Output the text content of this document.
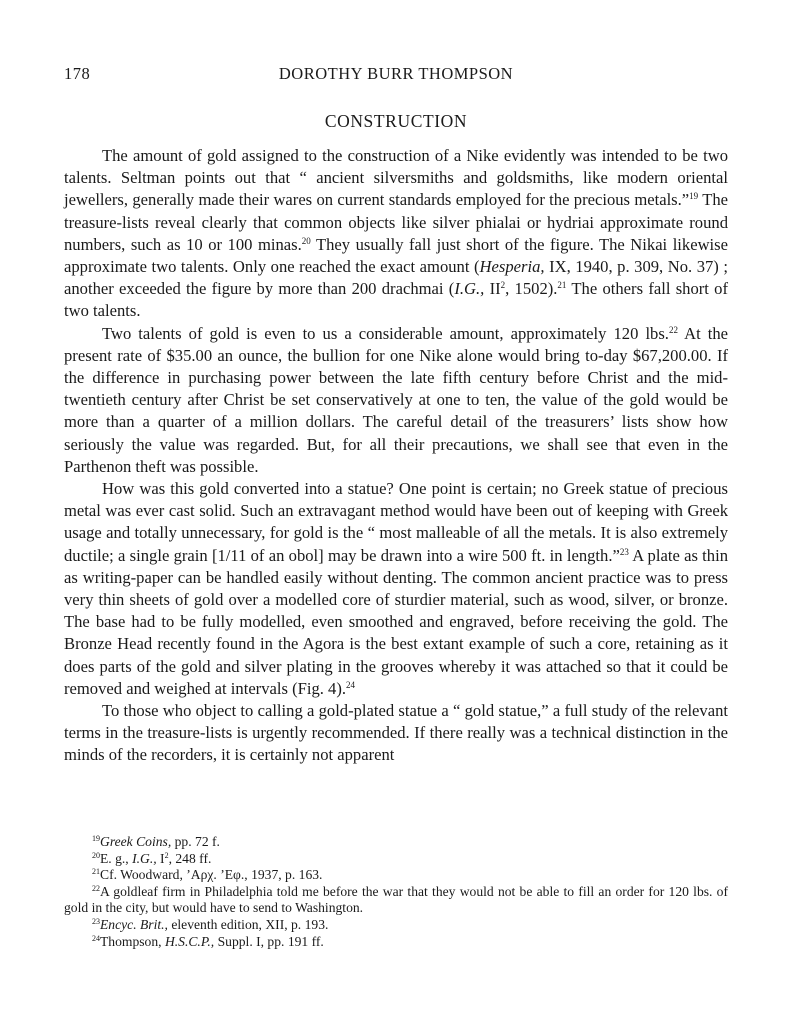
178	DOROTHY BURR THOMPSON
CONSTRUCTION

The amount of gold assigned to the construction of a Nike evidently was intended to be two talents. Seltman points out that “ ancient silversmiths and goldsmiths, like modern oriental jewellers, generally made their wares on current standards employed for the precious metals.”$^{19}$ The treasure-lists reveal clearly that common objects like silver phialai or hydriai approximate round numbers, such as 10 or 100 minas.$^{20}$ They usually fall just short of the figure. The Nikai likewise approximate two talents. Only one reached the exact amount (Hesperia, IX, 1940, p. 309, No. 37) ; another exceeded the figure by more than 200 drachmai (I.G., $II^2$, 1502).$^{21}$ The others fall short of two talents.

Two talents of gold is even to us a considerable amount, approximately 120 lbs.$^{22}$ At the present rate of $35.00 an ounce, the bullion for one Nike alone would bring to-day $67,200.00. If the difference in purchasing power between the late fifth century before Christ and the mid-twentieth century after Christ be set conservatively at one to ten, the value of the gold would be more than a quarter of a million dollars. The careful detail of the treasurers’ lists show how seriously the value was regarded. But, for all their precautions, we shall see that even in the Parthenon theft was possible.

How was this gold converted into a statue? One point is certain; no Greek statue of precious metal was ever cast solid. Such an extravagant method would have been out of keeping with Greek usage and totally unnecessary, for gold is the “ most malleable of all the metals. It is also extremely ductile; a single grain [1/11 of an obol] may be drawn into a wire 500 ft. in length.”$^{23}$ A plate as thin as writing-paper can be handled easily without denting. The common ancient practice was to press very thin sheets of gold over a modelled core of sturdier material, such as wood, silver, or bronze. The base had to be fully modelled, even smoothed and engraved, before receiving the gold. The Bronze Head recently found in the Agora is the best extant example of such a core, retaining as it does parts of the gold and silver plating in the grooves whereby it was attached so that it could be removed and weighed at intervals (Fig. 4).$^{24}$

To those who object to calling a gold-plated statue a “ gold statue,” a full study of the relevant terms in the treasure-lists is urgently recommended. If there really was a technical distinction in the minds of the recorders, it is certainly not apparent

$^{19}$Greek Coins, pp. 72 f.

$^{20}$E. g., I.G., $I^2$, 248 ff.

$^{21}$Cf. Woodward, ’Αρχ. ’Εφ., 1937, p. 163.

$^{22}$A goldleaf firm in Philadelphia told me before the war that they would not be able to fill an order for 120 lbs. of gold in the city, but would have to send to Washington.

$^{23}$Encyc. Brit., eleventh edition, XII, p. 193.

$^{24}$Thompson, H.S.C.P., Suppl. I, pp. 191 ff.
